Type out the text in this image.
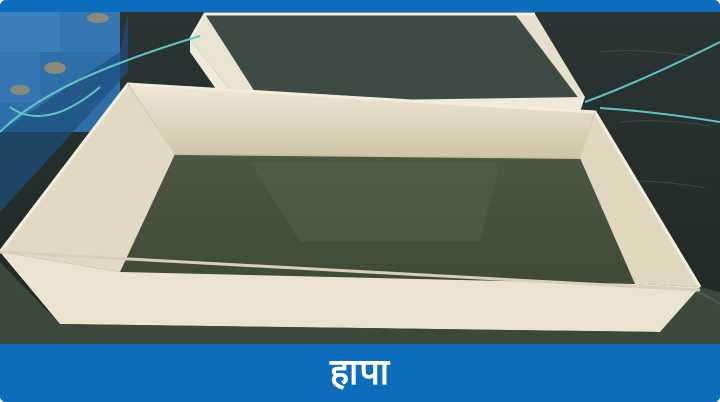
हापा
